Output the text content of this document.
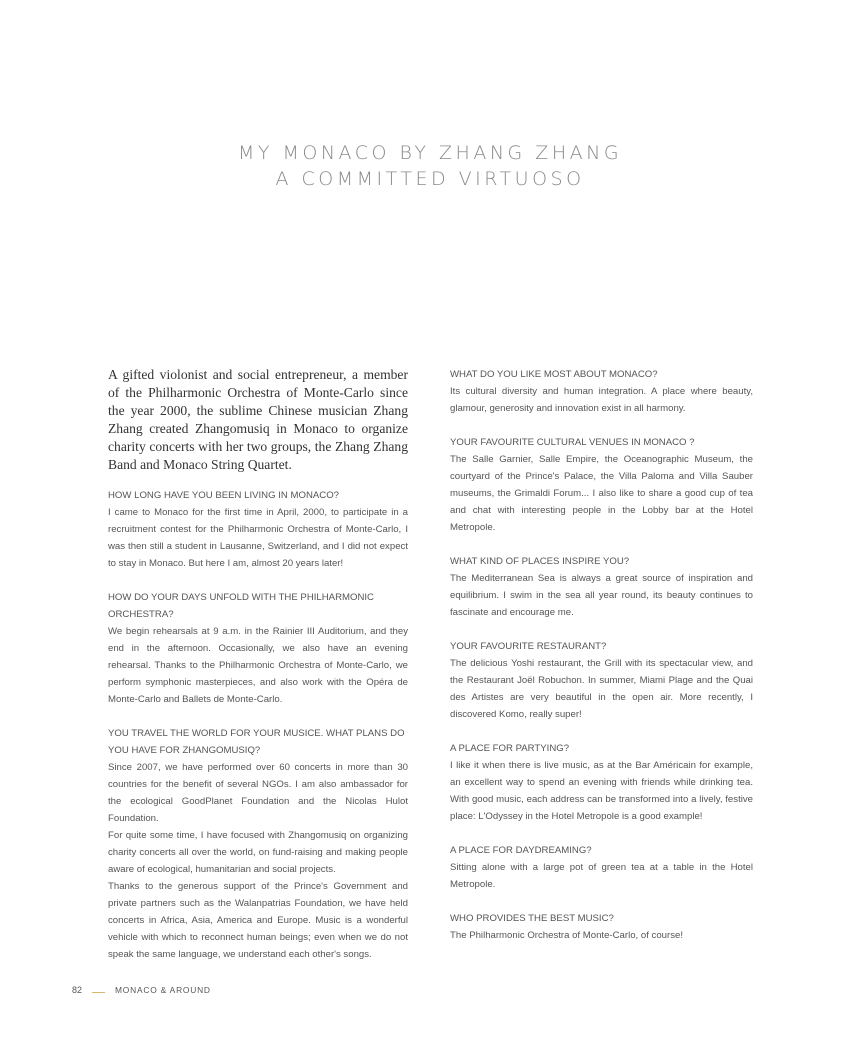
MY MONACO BY ZHANG ZHANG
A COMMITTED VIRTUOSO

A gifted violonist and social entrepreneur, a member of the Philharmonic Orchestra of Monte-Carlo since the year 2000, the sublime Chinese musician Zhang Zhang created Zhangomusiq in Monaco to organize charity concerts with her two groups, the Zhang Zhang Band and Monaco String Quartet.

HOW LONG HAVE YOU BEEN LIVING IN MONACO?

I came to Monaco for the first time in April, 2000, to participate in a recruitment contest for the Philharmonic Orchestra of Monte-Carlo, I was then still a student in Lausanne, Switzerland, and I did not expect to stay in Monaco. But here I am, almost 20 years later!

HOW DO YOUR DAYS UNFOLD WITH THE PHILHARMONIC ORCHESTRA?

We begin rehearsals at 9 a.m. in the Rainier III Auditorium, and they end in the afternoon. Occasionally, we also have an evening rehearsal. Thanks to the Philharmonic Orchestra of Monte-Carlo, we perform symphonic masterpieces, and also work with the Opéra de Monte-Carlo and Ballets de Monte-Carlo.

YOU TRAVEL THE WORLD FOR YOUR MUSICE. WHAT PLANS DO YOU HAVE FOR ZHANGOMUSIQ?

Since 2007, we have performed over 60 concerts in more than 30 countries for the benefit of several NGOs. I am also ambassador for the ecological GoodPlanet Foundation and the Nicolas Hulot Foundation.

For quite some time, I have focused with Zhangomusiq on organizing charity concerts all over the world, on fund-raising and making people aware of ecological, humanitarian and social projects.

Thanks to the generous support of the Prince's Government and private partners such as the Walanpatrias Foundation, we have held concerts in Africa, Asia, America and Europe. Music is a wonderful vehicle with which to reconnect human beings; even when we do not speak the same language, we understand each other's songs.

WHAT DO YOU LIKE MOST ABOUT MONACO?

Its cultural diversity and human integration. A place where beauty, glamour, generosity and innovation exist in all harmony.

YOUR FAVOURITE CULTURAL VENUES IN MONACO ?

The Salle Garnier, Salle Empire, the Oceanographic Museum, the courtyard of the Prince's Palace, the Villa Paloma and Villa Sauber museums, the Grimaldi Forum... I also like to share a good cup of tea and chat with interesting people in the Lobby bar at the Hotel Metropole.

WHAT KIND OF PLACES INSPIRE YOU?

The Mediterranean Sea is always a great source of inspiration and equilibrium. I swim in the sea all year round, its beauty continues to fascinate and encourage me.

YOUR FAVOURITE RESTAURANT?

The delicious Yoshi restaurant, the Grill with its spectacular view, and the Restaurant Joël Robuchon. In summer, Miami Plage and the Quai des Artistes are very beautiful in the open air. More recently, I discovered Komo, really super!

A PLACE FOR PARTYING?

I like it when there is live music, as at the Bar Américain for example, an excellent way to spend an evening with friends while drinking tea. With good music, each address can be transformed into a lively, festive place: L'Odyssey in the Hotel Metropole is a good example!

A PLACE FOR DAYDREAMING?

Sitting alone with a large pot of green tea at a table in the Hotel Metropole.

WHO PROVIDES THE BEST MUSIC?

The Philharmonic Orchestra of Monte-Carlo, of course!

82	MONACO & AROUND
